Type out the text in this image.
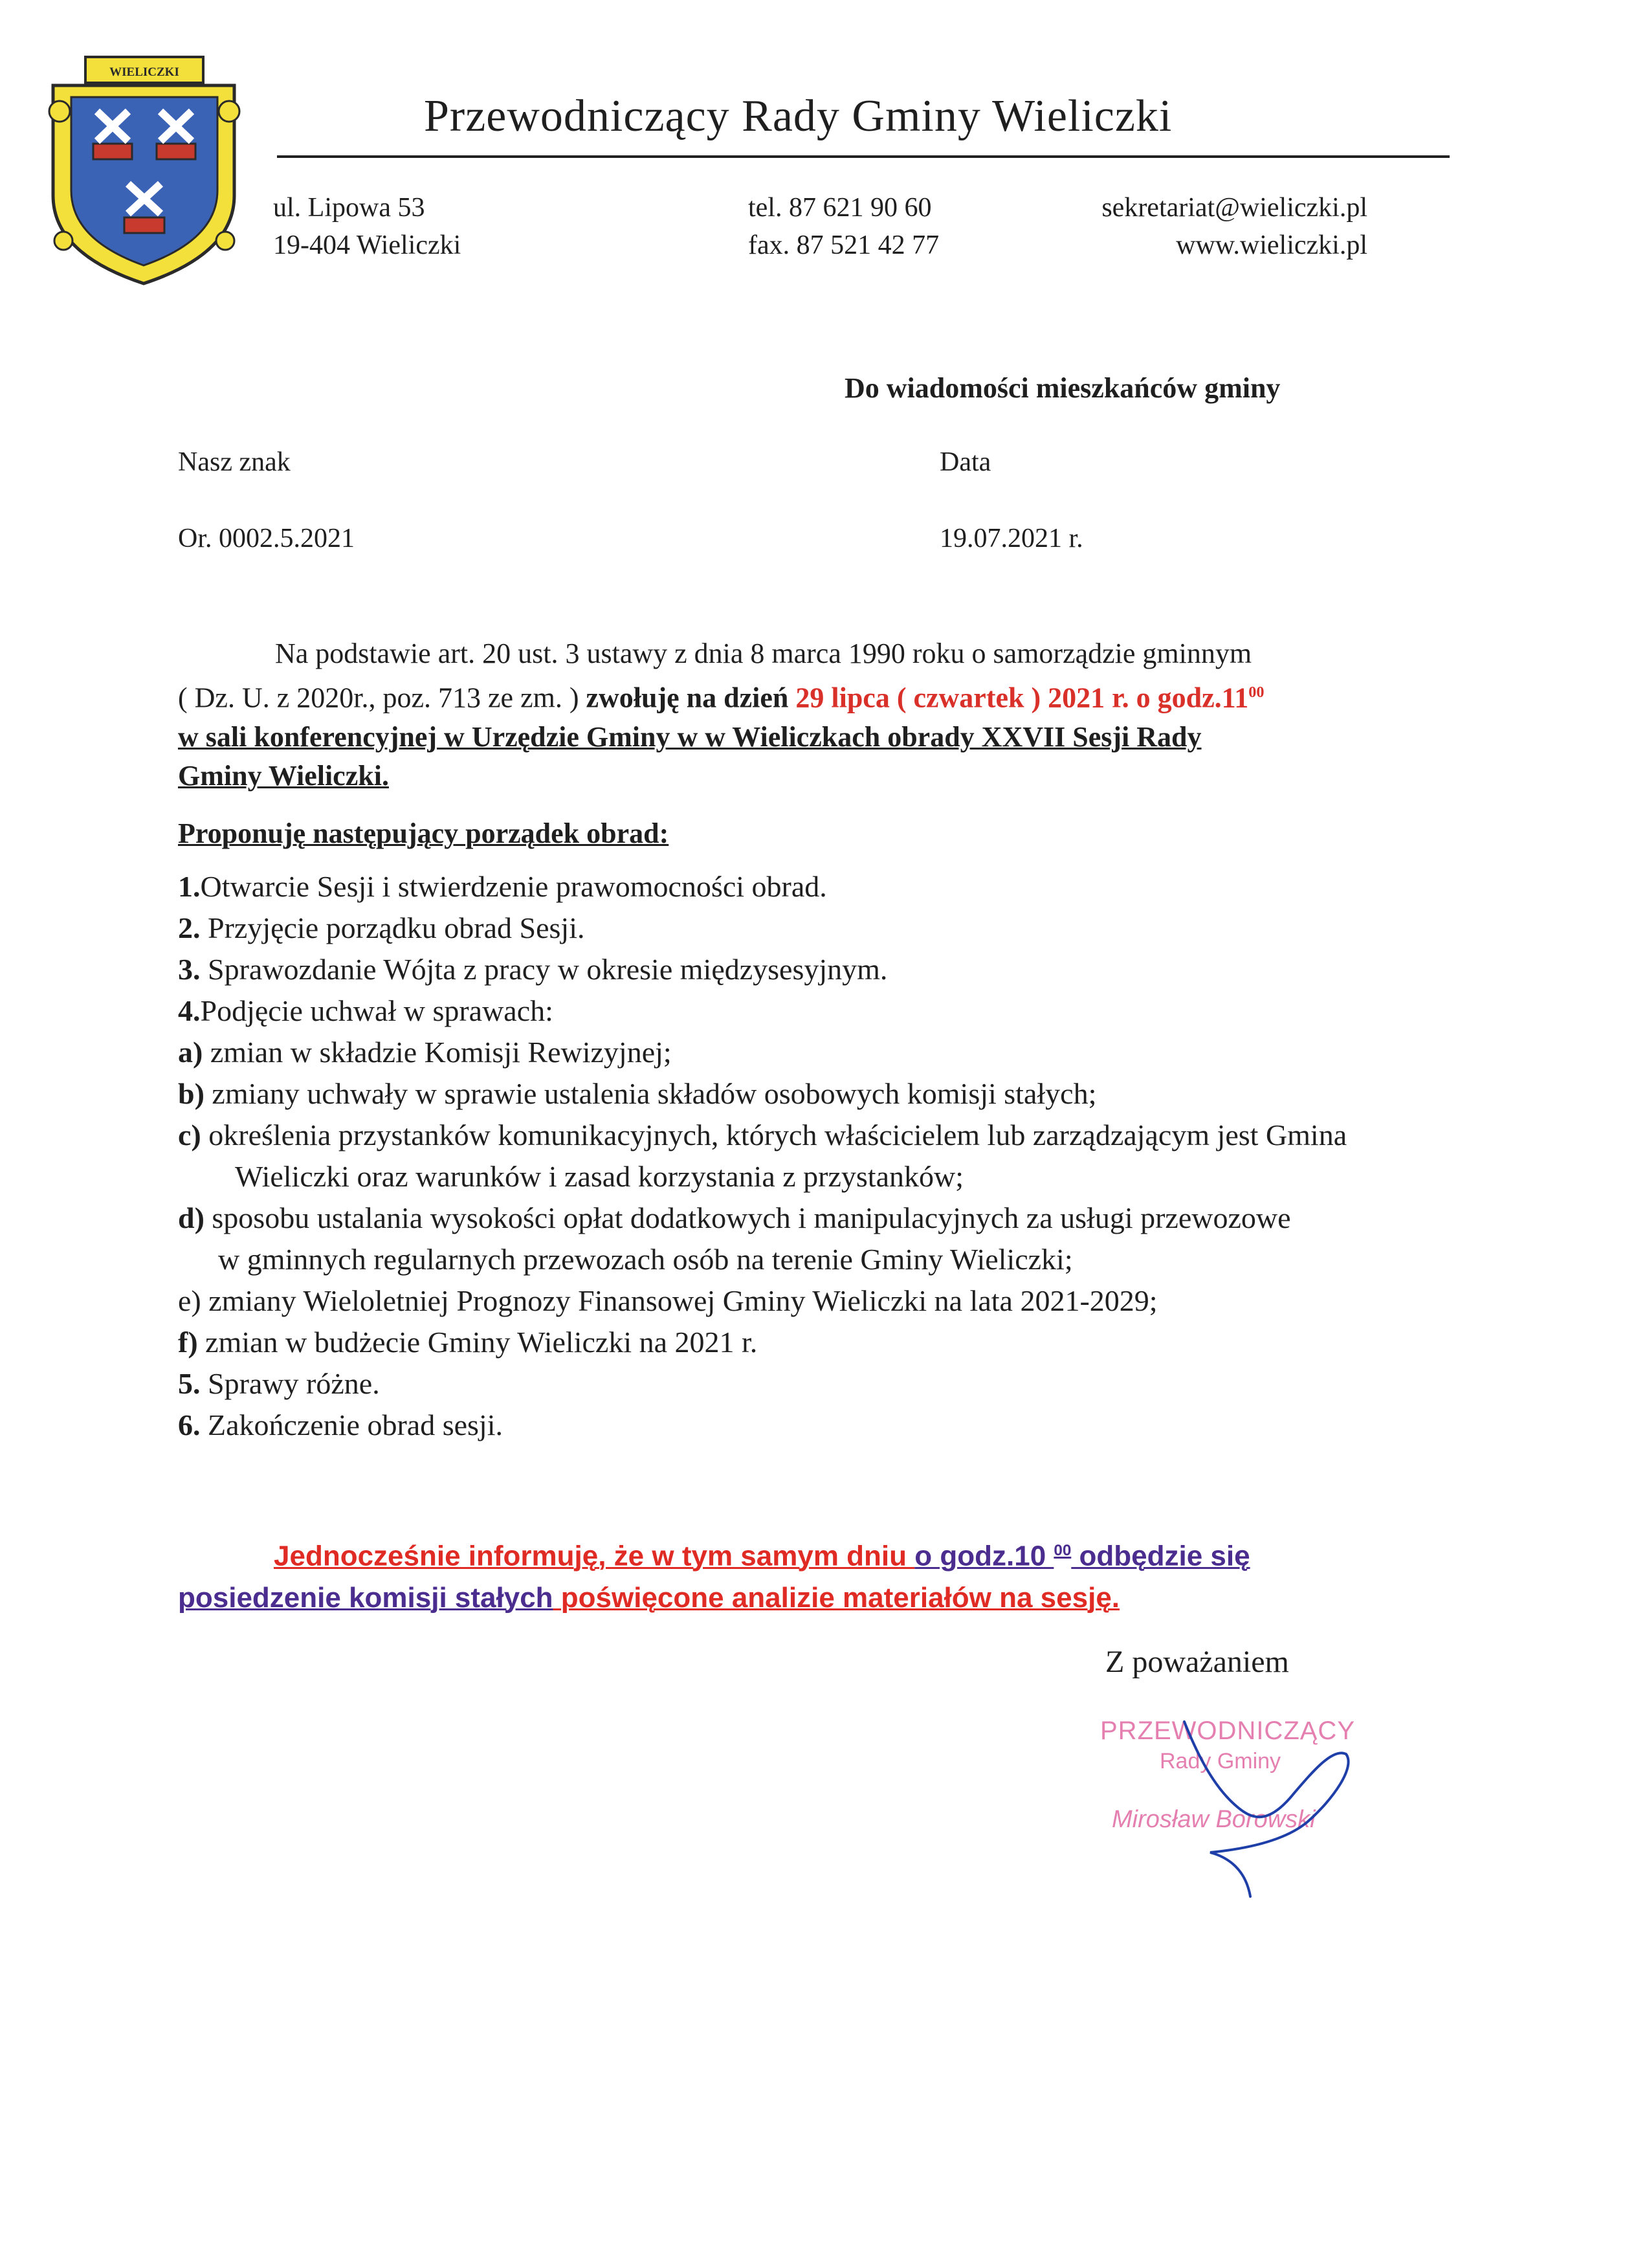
WIELICZKI
Przewodniczący Rady Gminy Wieliczki
ul. Lipowa 53
19-404 Wieliczki
tel. 87 621 90 60
fax. 87 521 42 77
sekretariat@wieliczki.pl
www.wieliczki.pl
Do wiadomości mieszkańców gminy
Nasz znak	Data
Or. 0002.5.2021	19.07.2021 r.
Na podstawie art. 20 ust. 3 ustawy z dnia 8 marca 1990 roku o samorządzie gminnym
( Dz. U. z 2020r., poz. 713 ze zm. ) zwołuję na dzień 29 lipca ( czwartek ) 2021 r. o $godz.11^{00}$
w sali konferencyjnej w Urzędzie Gminy w w Wieliczkach obrady XXVII Sesji Rady
Gminy Wieliczki.
Proponuję następujący porządek obrad:
1.Otwarcie Sesji i stwierdzenie prawomocności obrad.
2. Przyjęcie porządku obrad Sesji.
3. Sprawozdanie Wójta z pracy w okresie międzysesyjnym.
4.Podjęcie uchwał w sprawach:
a) zmian w składzie Komisji Rewizyjnej;
b) zmiany uchwały w sprawie ustalenia składów osobowych komisji stałych;
c) określenia przystanków komunikacyjnych, których właścicielem lub zarządzającym jest Gmina
Wieliczki oraz warunków i zasad korzystania z przystanków;
d) sposobu ustalania wysokości opłat dodatkowych i manipulacyjnych za usługi przewozowe
w gminnych regularnych przewozach osób na terenie Gminy Wieliczki;
e) zmiany Wieloletniej Prognozy Finansowej Gminy Wieliczki na lata 2021-2029;
f) zmian w budżecie Gminy Wieliczki na 2021 r.
5. Sprawy różne.
6. Zakończenie obrad sesji.
Jednocześnie informuję, że w tym samym dniu o godz.10 $^{00}$ odbędzie się
posiedzenie komisji stałych poświęcone analizie materiałów na sesję.
Z poważaniem
PRZEWODNICZĄCY
Rady Gminy
Mirosław Borowski
